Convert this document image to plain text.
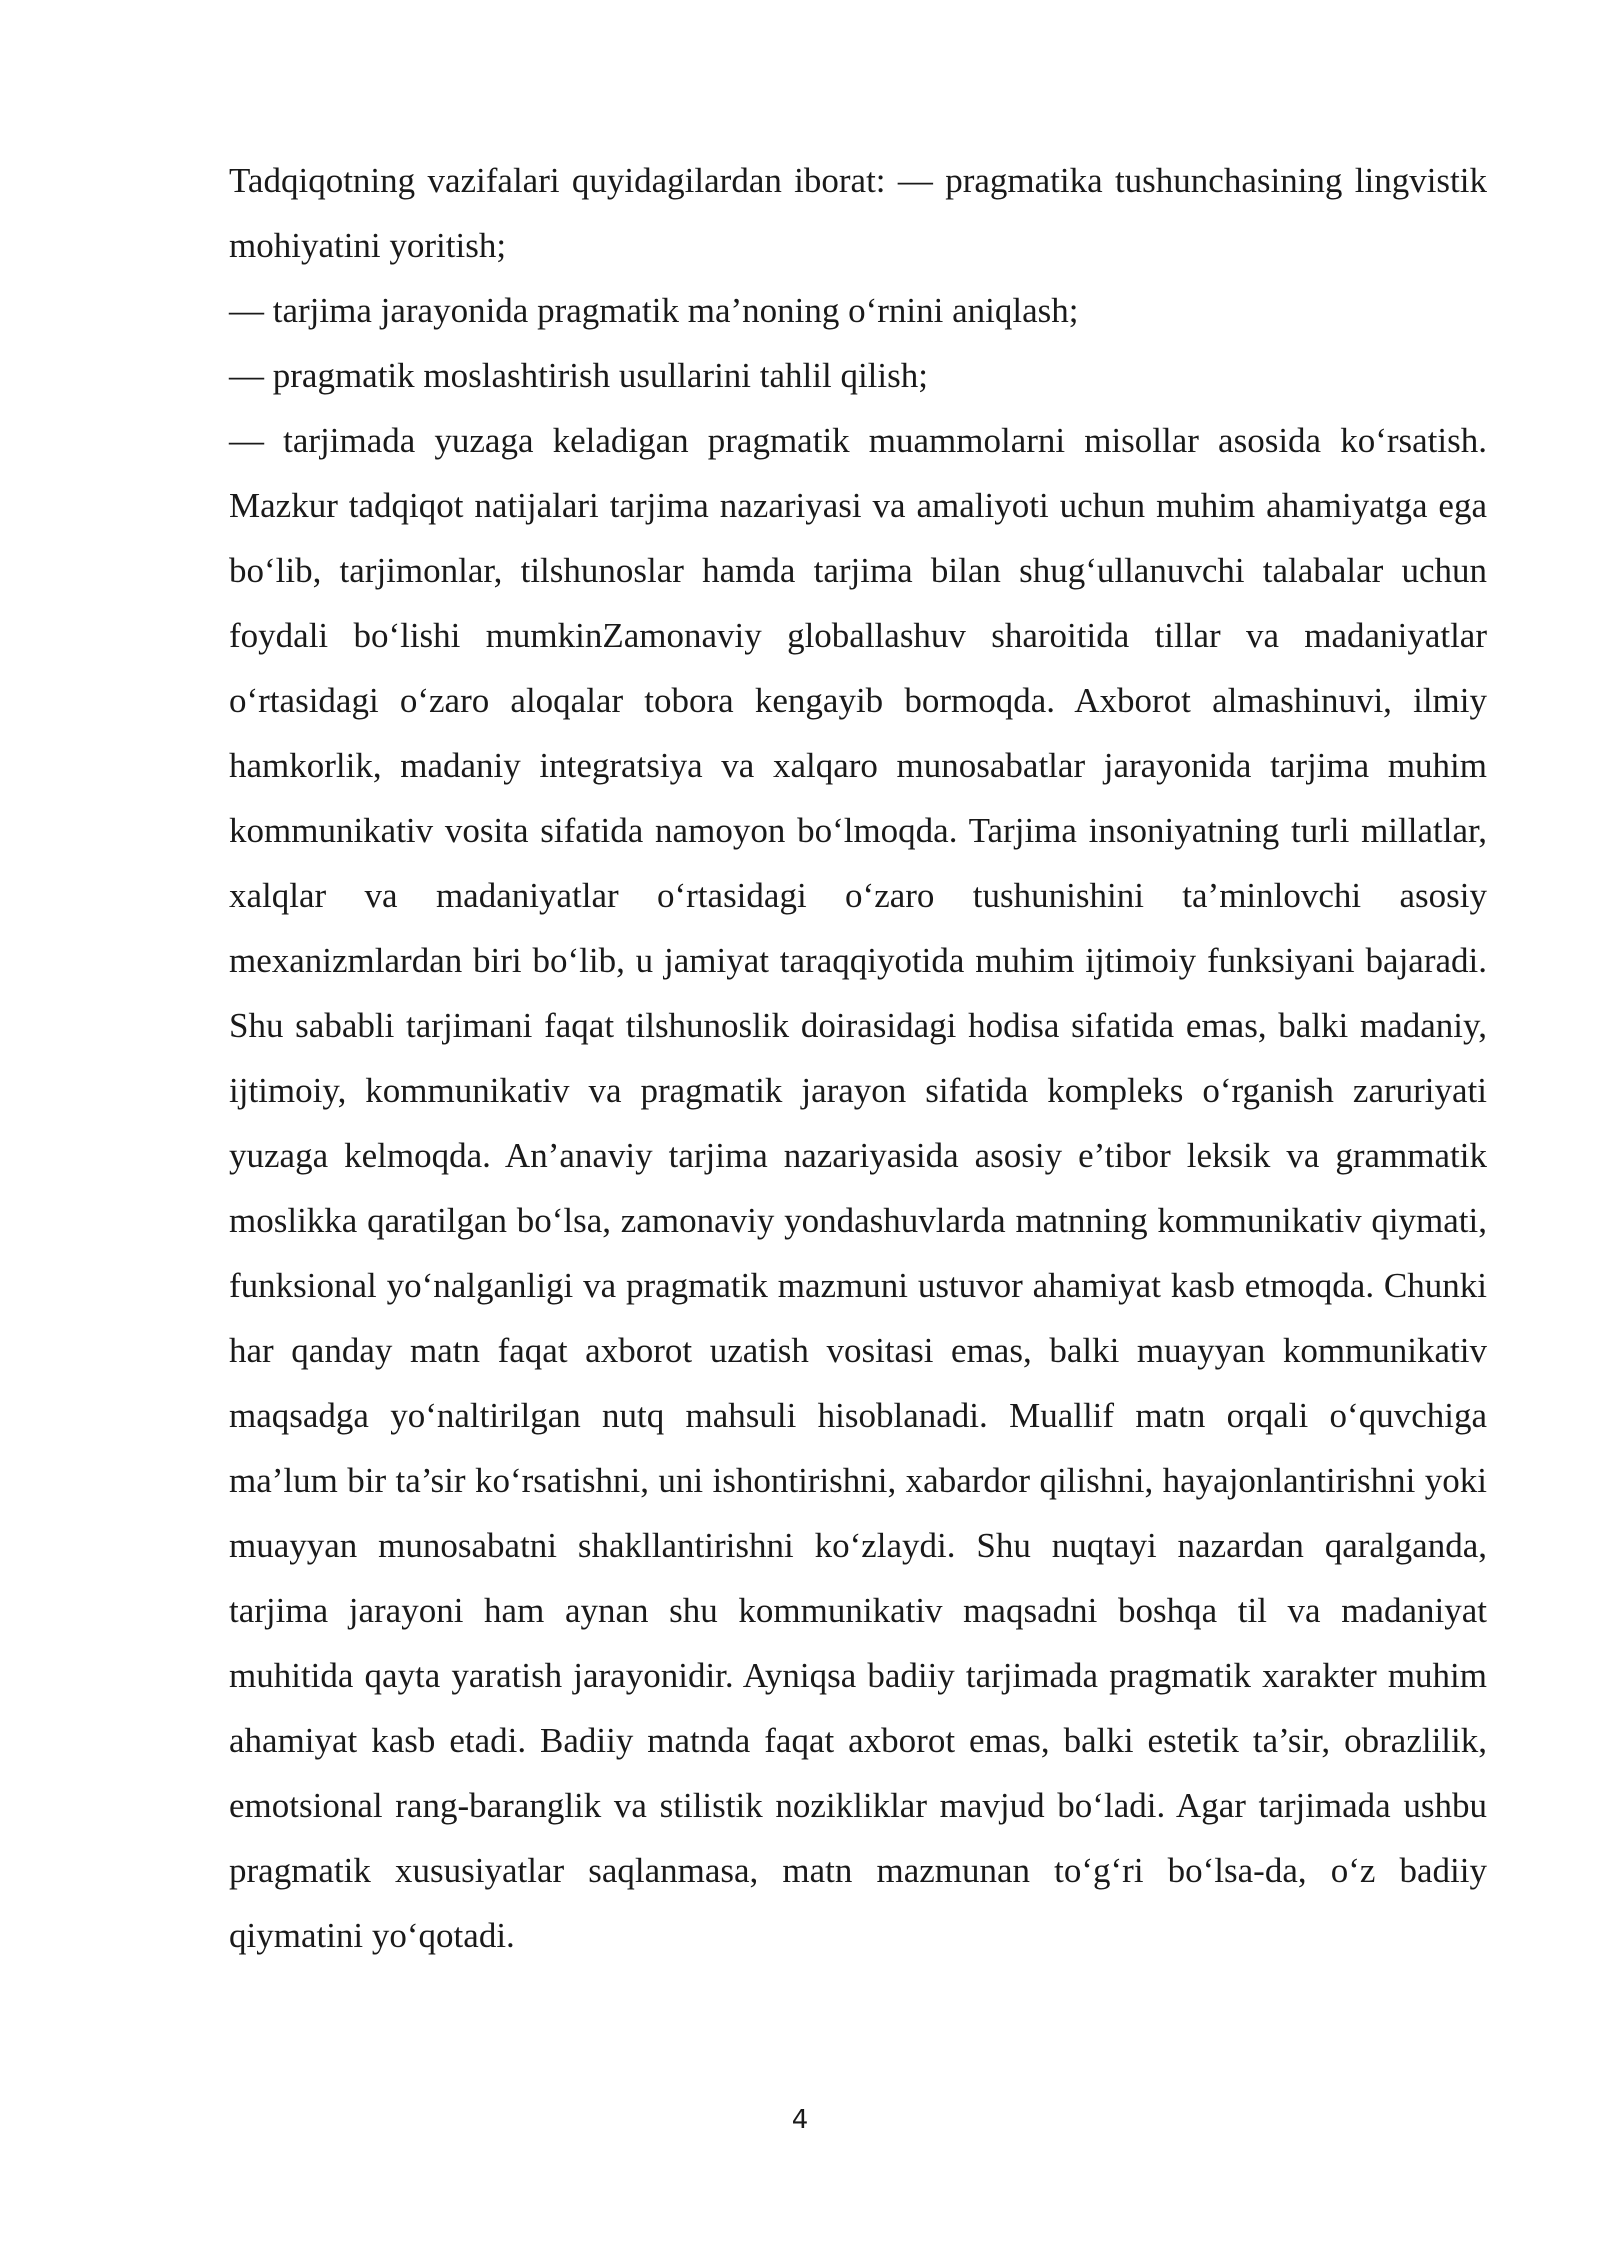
Tadqiqotning vazifalari quyidagilardan iborat: — pragmatika tushunchasining lingvistik mohiyatini yoritish;

— tarjima jarayonida pragmatik ma’noning o‘rnini aniqlash;

— pragmatik moslashtirish usullarini tahlil qilish;

— tarjimada yuzaga keladigan pragmatik muammolarni misollar asosida ko‘rsatish. Mazkur tadqiqot natijalari tarjima nazariyasi va amaliyoti uchun muhim ahamiyatga ega bo‘lib, tarjimonlar, tilshunoslar hamda tarjima bilan shug‘ullanuvchi talabalar uchun foydali bo‘lishi mumkinZamonaviy globallashuv sharoitida tillar va madaniyatlar o‘rtasidagi o‘zaro aloqalar tobora kengayib bormoqda. Axborot almashinuvi, ilmiy hamkorlik, madaniy integratsiya va xalqaro munosabatlar jarayonida tarjima muhim kommunikativ vosita sifatida namoyon bo‘lmoqda. Tarjima insoniyatning turli millatlar, xalqlar va madaniyatlar o‘rtasidagi o‘zaro tushunishini ta’minlovchi asosiy mexanizmlardan biri bo‘lib, u jamiyat taraqqiyotida muhim ijtimoiy funksiyani bajaradi. Shu sababli tarjimani faqat tilshunoslik doirasidagi hodisa sifatida emas, balki madaniy, ijtimoiy, kommunikativ va pragmatik jarayon sifatida kompleks o‘rganish zaruriyati yuzaga kelmoqda. An’anaviy tarjima nazariyasida asosiy e’tibor leksik va grammatik moslikka qaratilgan bo‘lsa, zamonaviy yondashuvlarda matnning kommunikativ qiymati, funksional yo‘nalganligi va pragmatik mazmuni ustuvor ahamiyat kasb etmoqda. Chunki har qanday matn faqat axborot uzatish vositasi emas, balki muayyan kommunikativ maqsadga yo‘naltirilgan nutq mahsuli hisoblanadi. Muallif matn orqali o‘quvchiga ma’lum bir ta’sir ko‘rsatishni, uni ishontirishni, xabardor qilishni, hayajonlantirishni yoki muayyan munosabatni shakllantirishni ko‘zlaydi. Shu nuqtayi nazardan qaralganda, tarjima jarayoni ham aynan shu kommunikativ maqsadni boshqa til va madaniyat muhitida qayta yaratish jarayonidir. Ayniqsa badiiy tarjimada pragmatik xarakter muhim ahamiyat kasb etadi. Badiiy matnda faqat axborot emas, balki estetik ta’sir, obrazlilik, emotsional rang-baranglik va stilistik nozikliklar mavjud bo‘ladi. Agar tarjimada ushbu pragmatik xususiyatlar saqlanmasa, matn mazmunan to‘g‘ri bo‘lsa-da, o‘z badiiy qiymatini yo‘qotadi.

4
